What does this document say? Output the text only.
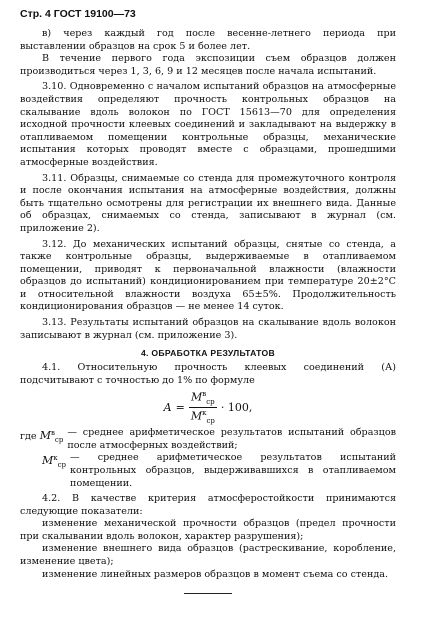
Стр. 4 ГОСТ 19100—73

в) через каждый год после весенне-летнего периода при выставлении образцов на срок 5 и более лет.

В течение первого года экспозиции съем образцов должен производиться через 1, 3, 6, 9 и 12 месяцев после начала испытаний.

3.10. Одновременно с началом испытаний образцов на атмосферные воздействия определяют прочность контрольных образцов на скалывание вдоль волокон по ГОСТ 15613—70 для определения исходной прочности клеевых соединений и закладывают на выдержку в отапливаемом помещении контрольные образцы, механические испытания которых проводят вместе с образцами, прошедшими атмосферные воздействия.

3.11. Образцы, снимаемые со стенда для промежуточного контроля и после окончания испытания на атмосферные воздействия, должны быть тщательно осмотрены для регистрации их внешнего вида. Данные об образцах, снимаемых со стенда, записывают в журнал (см. приложение 2).

3.12. До механических испытаний образцы, снятые со стенда, а также контрольные образцы, выдерживаемые в отапливаемом помещении, приводят к первоначальной влажности (влажности образцов до испытаний) кондиционированием при температуре 20±2°С и относительной влажности воздуха 65±5%. Продолжительность кондиционирования образцов — не менее 14 суток.

3.13. Результаты испытаний образцов на скалывание вдоль волокон записывают в журнал (см. приложение 3).

4. ОБРАБОТКА РЕЗУЛЬТАТОВ

4.1. Относительную прочность клеевых соединений (А) подсчитывают с точностью до 1% по формуле

$A = \frac{M^в_{ср}}{M^к_{ср}} \cdot 100$,
где $M^в_{ср}$
— среднее арифметическое результатов испытаний образцов после атмосферных воздействий;
$M^к_{ср}$
— среднее арифметическое результатов испытаний контрольных образцов, выдерживавшихся в отапливаемом помещении.

4.2. В качестве критерия атмосферостойкости принимаются следующие показатели:

изменение механической прочности образцов (предел прочности при скалывании вдоль волокон, характер разрушения);

изменение внешнего вида образцов (растрескивание, коробление, изменение цвета);

изменение линейных размеров образцов в момент съема со стенда.
